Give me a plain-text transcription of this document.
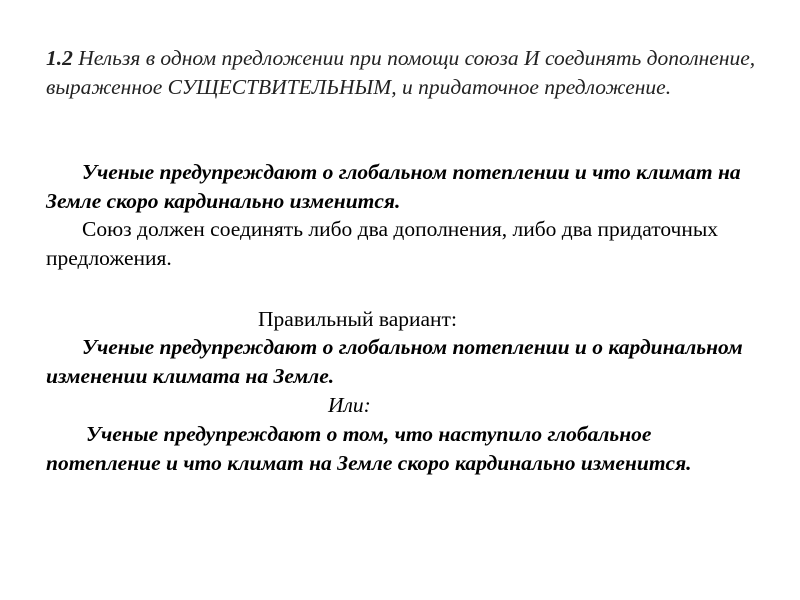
1.2 Нельзя в одном предложении при помощи союза И соединять дополнение, выраженное СУЩЕСТВИТЕЛЬНЫМ, и придаточное предложение.

Ученые предупреждают о глобальном потеплении и что климат на Земле скоро кардинально изменится.

Союз должен соединять либо два дополнения, либо два придаточных предложения.

Правильный вариант:

Ученые предупреждают о глобальном потеплении и о кардинальном изменении климата на Земле.

Или:

Ученые предупреждают о том, что наступило глобальное потепление и что климат на Земле скоро кардинально изменится.
